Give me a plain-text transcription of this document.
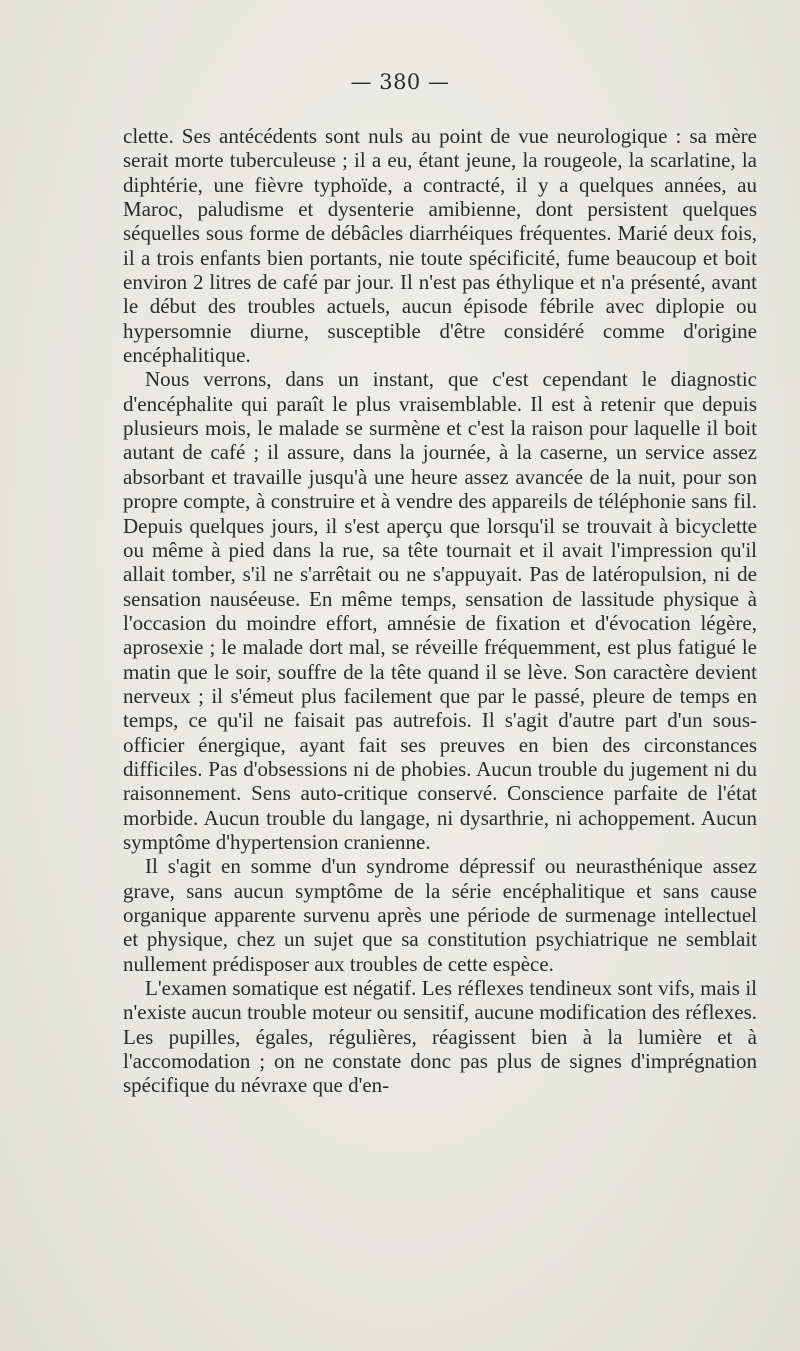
— 380 —

clette. Ses antécédents sont nuls au point de vue neurologique : sa mère serait morte tuberculeuse ; il a eu, étant jeune, la rougeole, la scarlatine, la diphtérie, une fièvre typhoïde, a contracté, il y a quelques années, au Maroc, paludisme et dysenterie amibienne, dont persistent quelques séquelles sous forme de débâcles diarrhéiques fréquentes. Marié deux fois, il a trois enfants bien portants, nie toute spécificité, fume beaucoup et boit environ 2 litres de café par jour. Il n'est pas éthylique et n'a présenté, avant le début des troubles actuels, aucun épisode fébrile avec diplopie ou hypersomnie diurne, susceptible d'être considéré comme d'origine encéphalitique.

Nous verrons, dans un instant, que c'est cependant le diagnostic d'encéphalite qui paraît le plus vraisemblable. Il est à retenir que depuis plusieurs mois, le malade se surmène et c'est la raison pour laquelle il boit autant de café ; il assure, dans la journée, à la caserne, un service assez absorbant et travaille jusqu'à une heure assez avancée de la nuit, pour son propre compte, à construire et à vendre des appareils de téléphonie sans fil. Depuis quelques jours, il s'est aperçu que lorsqu'il se trouvait à bicyclette ou même à pied dans la rue, sa tête tournait et il avait l'impression qu'il allait tomber, s'il ne s'arrêtait ou ne s'appuyait. Pas de latéropulsion, ni de sensation nauséeuse. En même temps, sensation de lassitude physique à l'occasion du moindre effort, amnésie de fixation et d'évocation légère, aprosexie ; le malade dort mal, se réveille fréquemment, est plus fatigué le matin que le soir, souffre de la tête quand il se lève. Son caractère devient nerveux ; il s'émeut plus facilement que par le passé, pleure de temps en temps, ce qu'il ne faisait pas autrefois. Il s'agit d'autre part d'un sous-officier énergique, ayant fait ses preuves en bien des circonstances difficiles. Pas d'obsessions ni de phobies. Aucun trouble du jugement ni du raisonnement. Sens auto-critique conservé. Conscience parfaite de l'état morbide. Aucun trouble du langage, ni dysarthrie, ni achoppement. Aucun symptôme d'hypertension cranienne.

Il s'agit en somme d'un syndrome dépressif ou neurasthénique assez grave, sans aucun symptôme de la série encéphalitique et sans cause organique apparente survenu après une période de surmenage intellectuel et physique, chez un sujet que sa constitution psychiatrique ne semblait nullement prédisposer aux troubles de cette espèce.

L'examen somatique est négatif. Les réflexes tendineux sont vifs, mais il n'existe aucun trouble moteur ou sensitif, aucune modification des réflexes. Les pupilles, égales, régulières, réagissent bien à la lumière et à l'accomodation ; on ne constate donc pas plus de signes d'imprégnation spécifique du névraxe que d'en-
